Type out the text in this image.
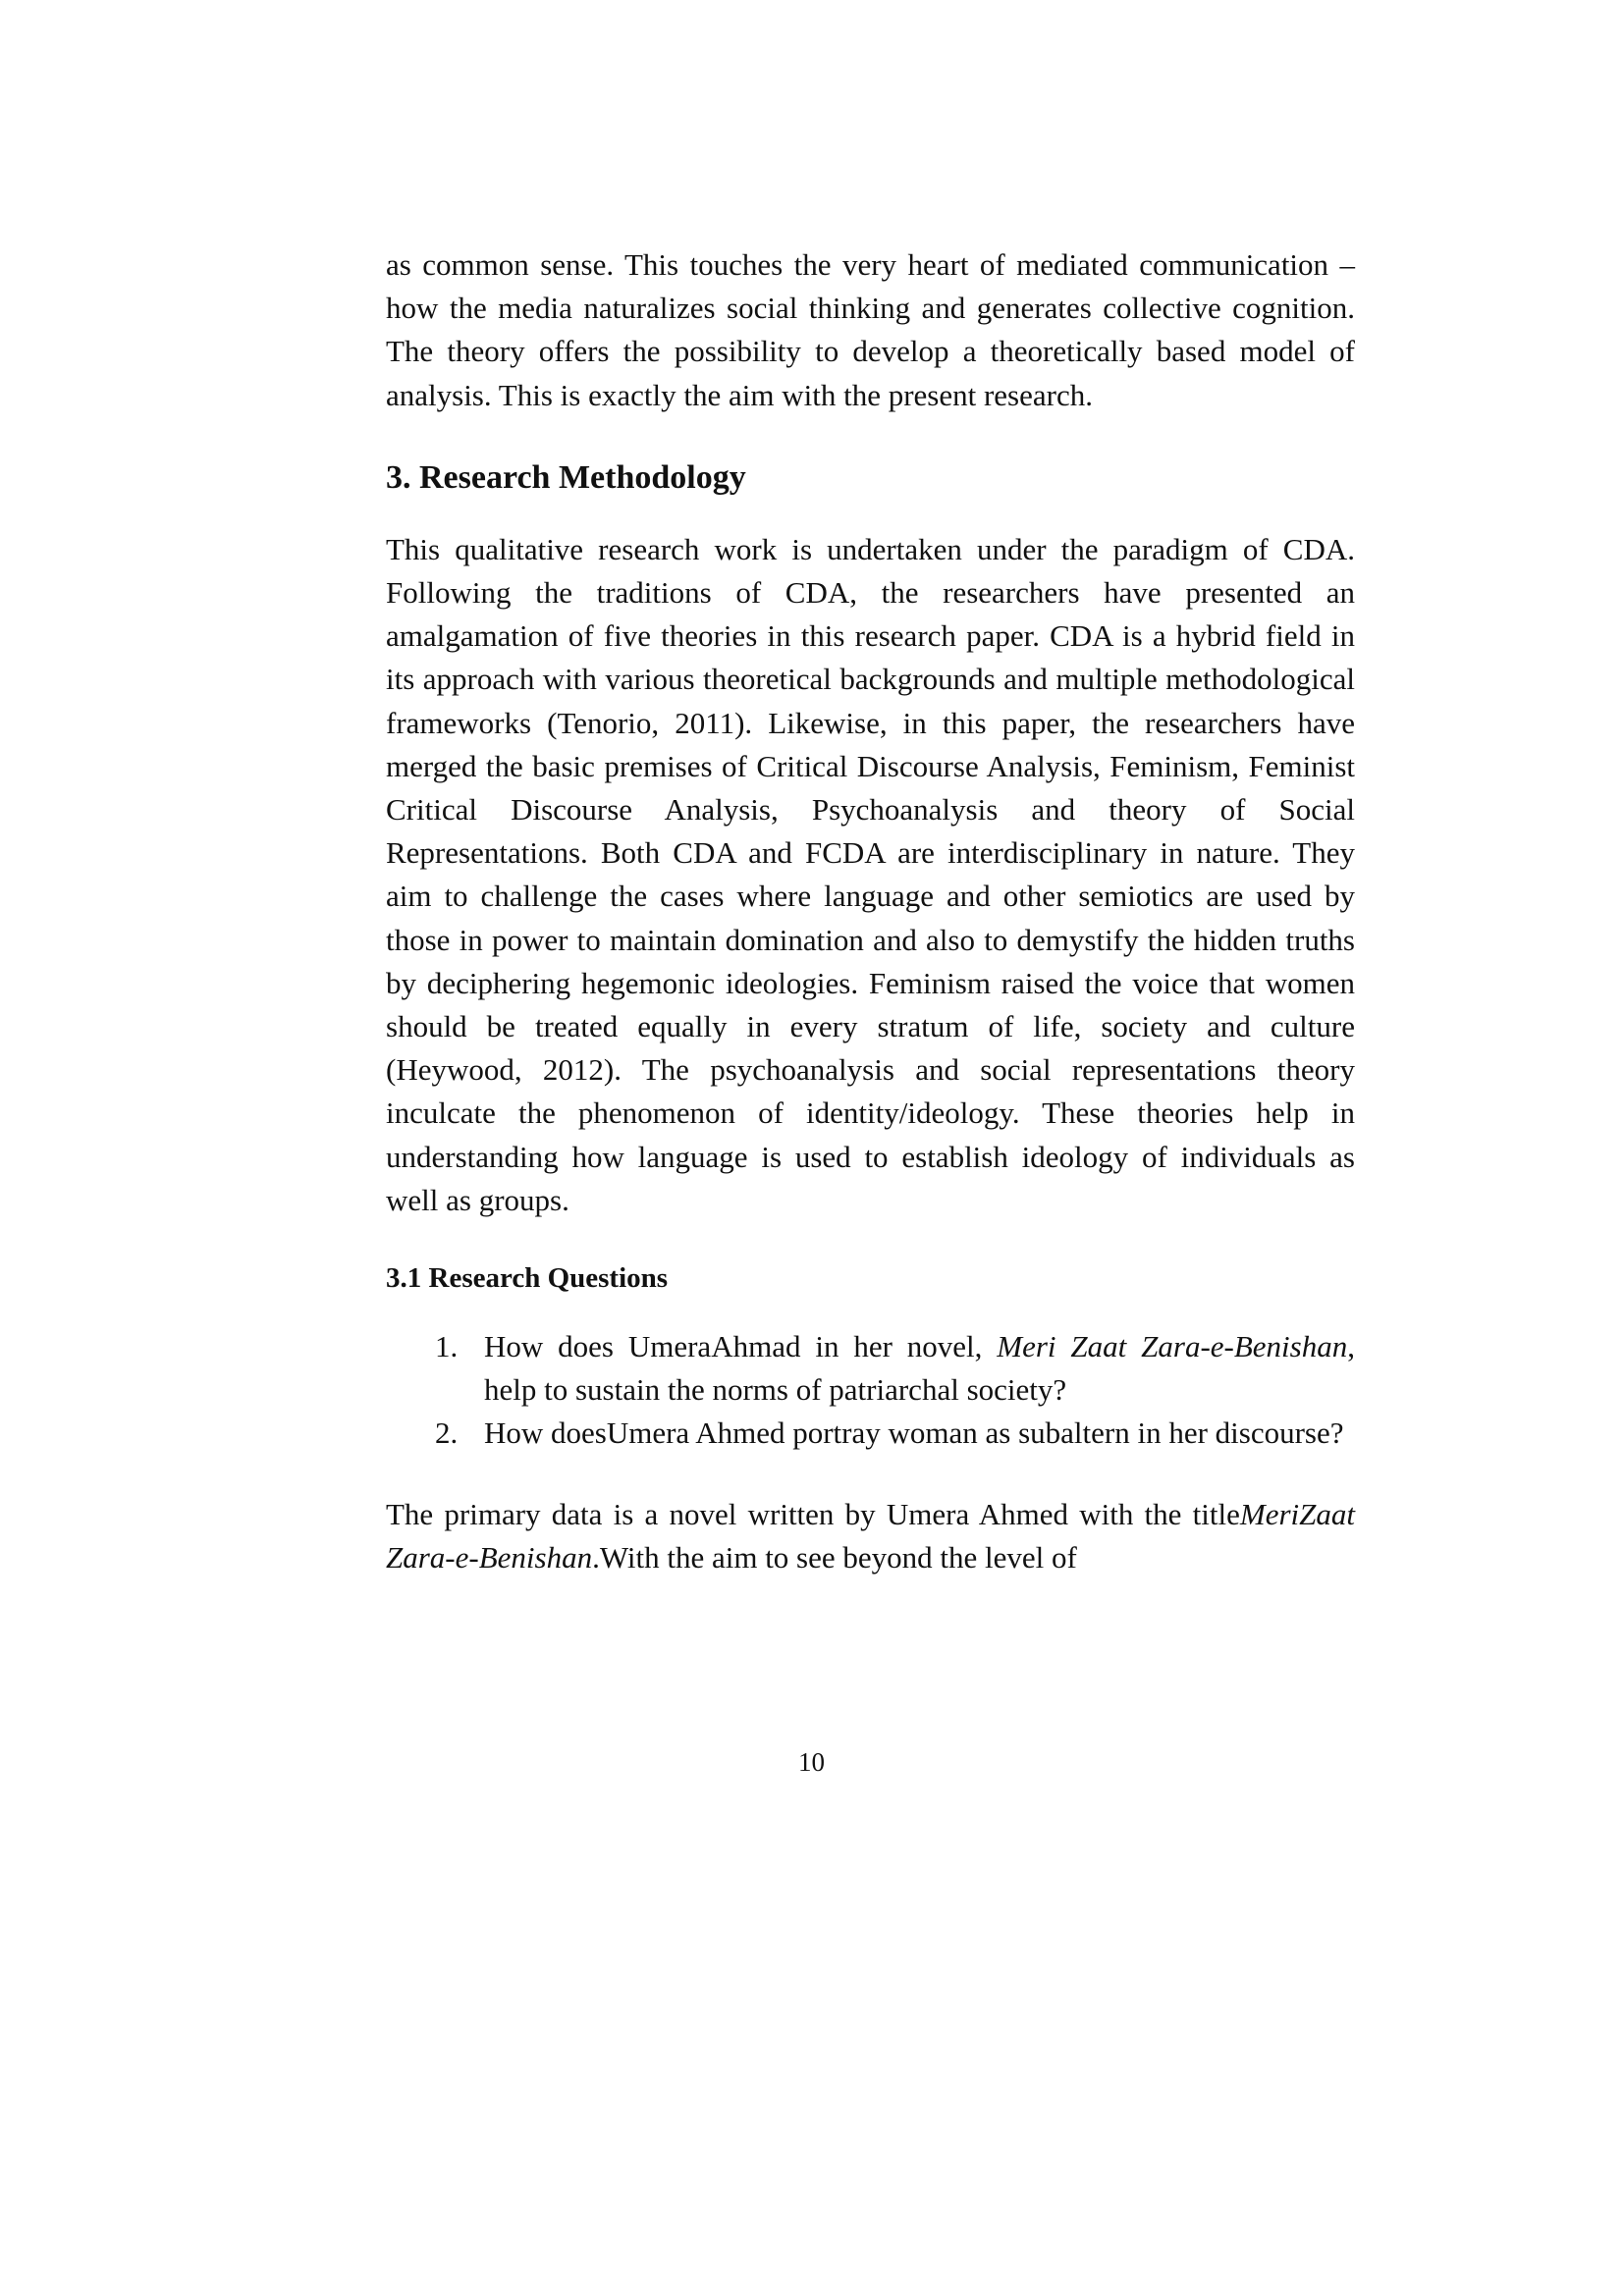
as common sense. This touches the very heart of mediated communication – how the media naturalizes social thinking and generates collective cognition. The theory offers the possibility to develop a theoretically based model of analysis. This is exactly the aim with the present research.

3. Research Methodology

This qualitative research work is undertaken under the paradigm of CDA. Following the traditions of CDA, the researchers have presented an amalgamation of five theories in this research paper. CDA is a hybrid field in its approach with various theoretical backgrounds and multiple methodological frameworks (Tenorio, 2011). Likewise, in this paper, the researchers have merged the basic premises of Critical Discourse Analysis, Feminism, Feminist Critical Discourse Analysis, Psychoanalysis and theory of Social Representations. Both CDA and FCDA are interdisciplinary in nature. They aim to challenge the cases where language and other semiotics are used by those in power to maintain domination and also to demystify the hidden truths by deciphering hegemonic ideologies. Feminism raised the voice that women should be treated equally in every stratum of life, society and culture (Heywood, 2012). The psychoanalysis and social representations theory inculcate the phenomenon of identity/ideology. These theories help in understanding how language is used to establish ideology of individuals as well as groups.

3.1 Research Questions
1. How does UmeraAhmad in her novel, Meri Zaat Zara-e-Benishan, help to sustain the norms of patriarchal society?
2. How doesUmera Ahmed portray woman as subaltern in her discourse?

The primary data is a novel written by Umera Ahmed with the titleMeriZaat Zara-e-Benishan.With the aim to see beyond the level of

10
